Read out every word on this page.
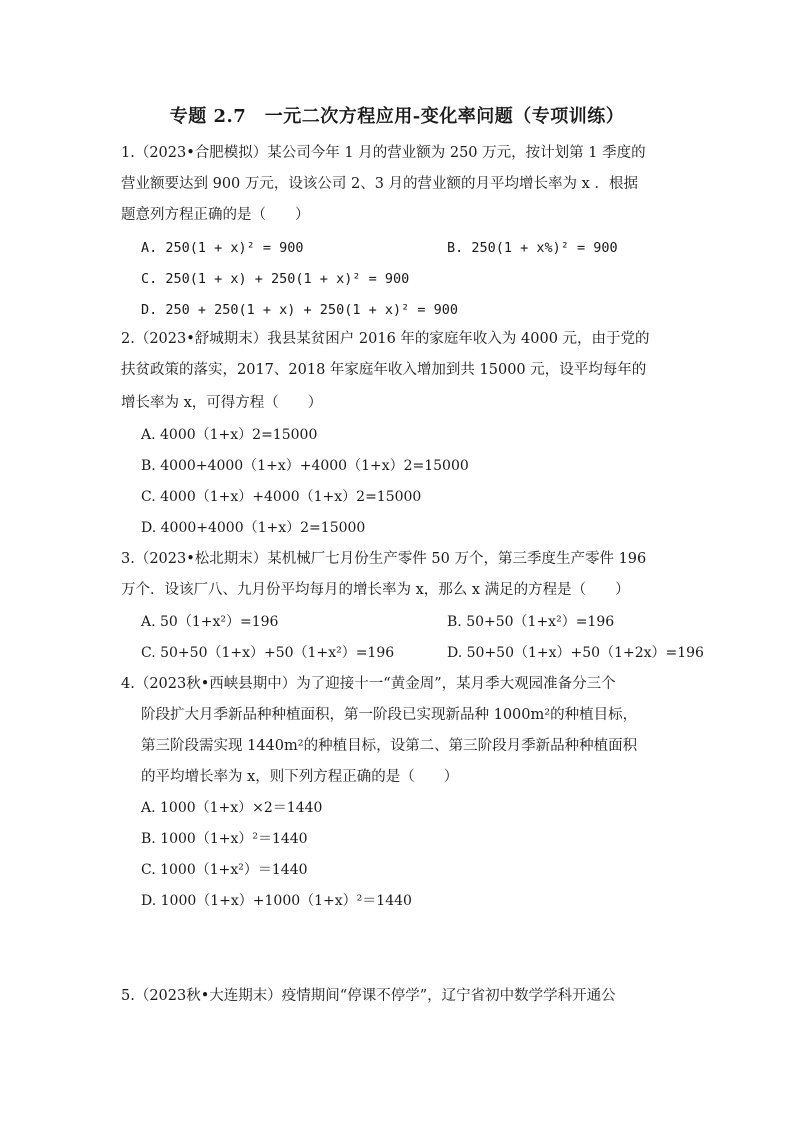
专题 2.7　一元二次方程应用-变化率问题（专项训练）
1.（2023•合肥模拟）某公司今年 1 月的营业额为 250 万元，按计划第 1 季度的
营业额要达到 900 万元，设该公司 2、3 月的营业额的月平均增长率为 x ．根据
题意列方程正确的是（　　）
A. 250(1 + x)² = 900	B. 250(1 + x%)² = 900
C. 250(1 + x) + 250(1 + x)² = 900
D. 250 + 250(1 + x) + 250(1 + x)² = 900
2.（2023•舒城期末）我县某贫困户 2016 年的家庭年收入为 4000 元，由于党的
扶贫政策的落实，2017、2018 年家庭年收入增加到共 15000 元，设平均每年的
增长率为 x，可得方程（　　）
A. 4000（1+x）2=15000
B. 4000+4000（1+x）+4000（1+x）2=15000
C. 4000（1+x）+4000（1+x）2=15000
D. 4000+4000（1+x）2=15000
3.（2023•松北期末）某机械厂七月份生产零件 50 万个，第三季度生产零件 196
万个．设该厂八、九月份平均每月的增长率为 x，那么 x 满足的方程是（　　）
A. 50（1+x²）=196	B. 50+50（1+x²）=196
C. 50+50（1+x）+50（1+x²）=196	D. 50+50（1+x）+50（1+2x）=196
4.（2023秋•西峡县期中）为了迎接十一“黄金周”，某月季大观园准备分三个
阶段扩大月季新品种种植面积，第一阶段已实现新品种 1000m²的种植目标，
第三阶段需实现 1440m²的种植目标，设第二、第三阶段月季新品种种植面积
的平均增长率为 x，则下列方程正确的是（　　）
A. 1000（1+x）×2＝1440
B. 1000（1+x）²＝1440
C. 1000（1+x²）＝1440
D. 1000（1+x）+1000（1+x）²＝1440
5.（2023秋•大连期末）疫情期间“停课不停学”，辽宁省初中数学学科开通公
